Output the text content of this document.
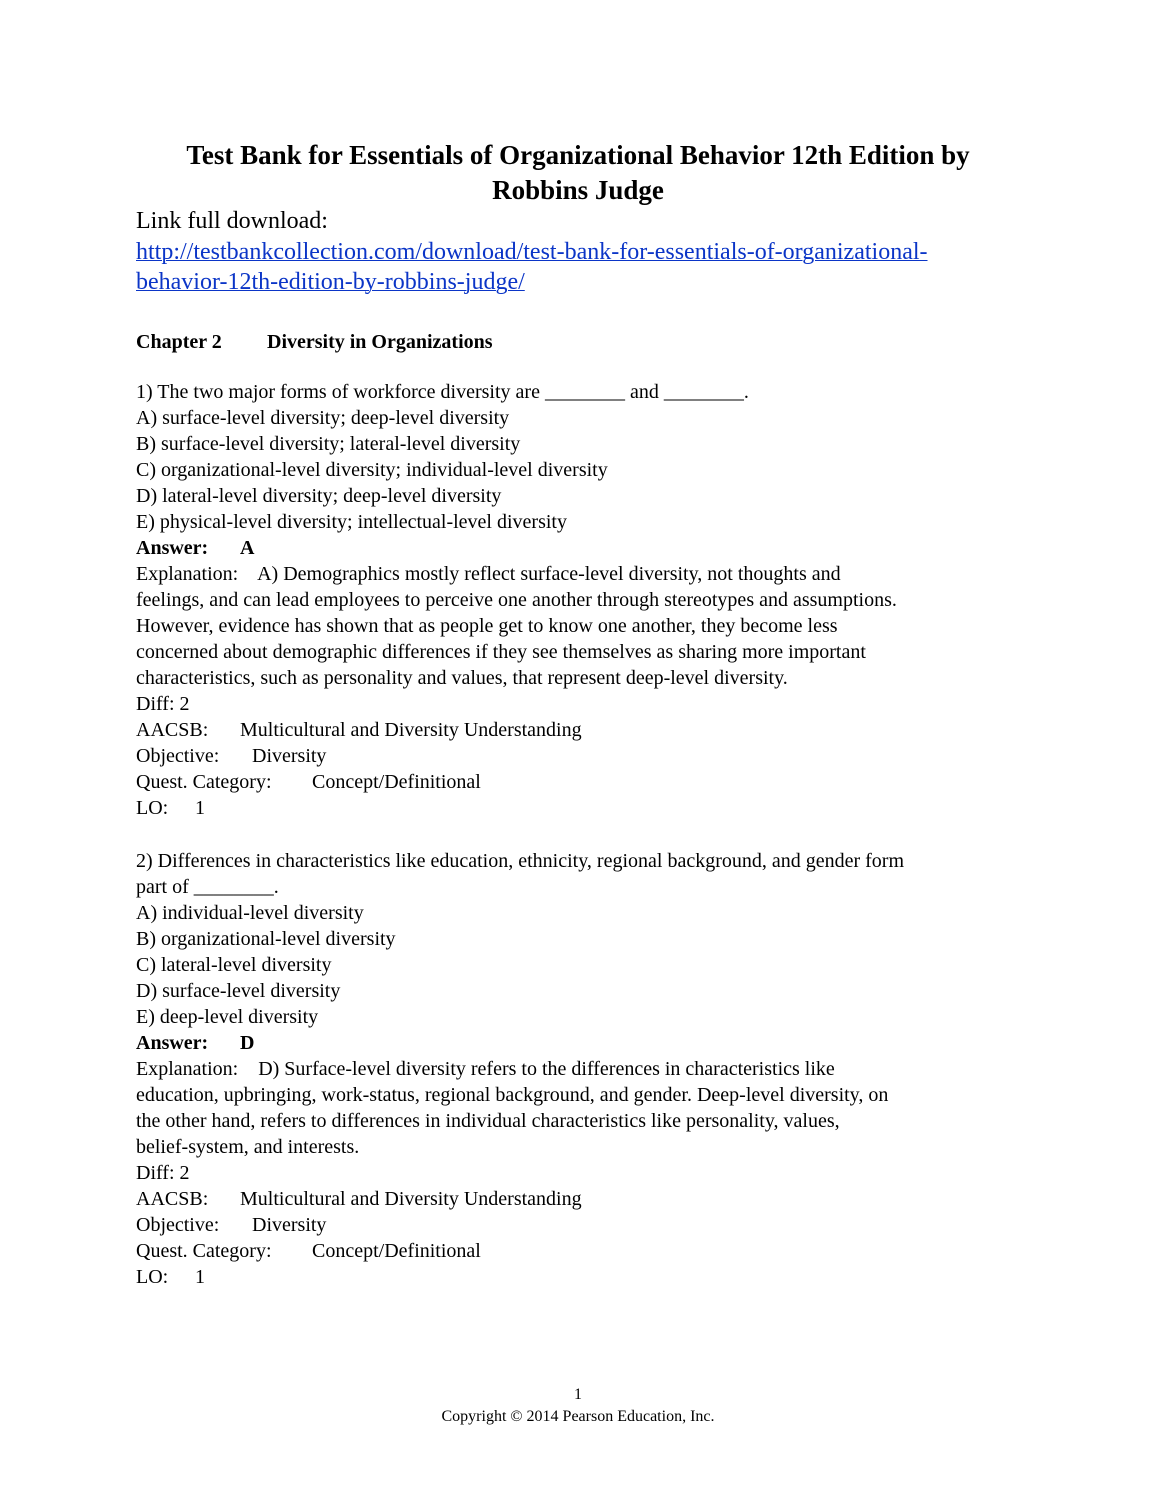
Test Bank for Essentials of Organizational Behavior 12th Edition by
Robbins Judge
Link full download:
http://testbankcollection.com/download/test-bank-for-essentials-of-organizational-
behavior-12th-edition-by-robbins-judge/
Chapter 2 Diversity in Organizations
1) The two major forms of workforce diversity are ________ and ________.
A) surface-level diversity; deep-level diversity
B) surface-level diversity; lateral-level diversity
C) organizational-level diversity; individual-level diversity
D) lateral-level diversity; deep-level diversity
E) physical-level diversity; intellectual-level diversity
Answer: A
Explanation:    A) Demographics mostly reflect surface-level diversity, not thoughts and
feelings, and can lead employees to perceive one another through stereotypes and assumptions.
However, evidence has shown that as people get to know one another, they become less
concerned about demographic differences if they see themselves as sharing more important
characteristics, such as personality and values, that represent deep-level diversity.
Diff: 2
AACSB: Multicultural and Diversity Understanding
Objective: Diversity
Quest. Category: Concept/Definitional
LO: 1
2) Differences in characteristics like education, ethnicity, regional background, and gender form
part of ________.
A) individual-level diversity
B) organizational-level diversity
C) lateral-level diversity
D) surface-level diversity
E) deep-level diversity
Answer: D
Explanation:    D) Surface-level diversity refers to the differences in characteristics like
education, upbringing, work-status, regional background, and gender. Deep-level diversity, on
the other hand, refers to differences in individual characteristics like personality, values,
belief-system, and interests.
Diff: 2
AACSB: Multicultural and Diversity Understanding
Objective: Diversity
Quest. Category: Concept/Definitional
LO: 1
1
Copyright © 2014 Pearson Education, Inc.
